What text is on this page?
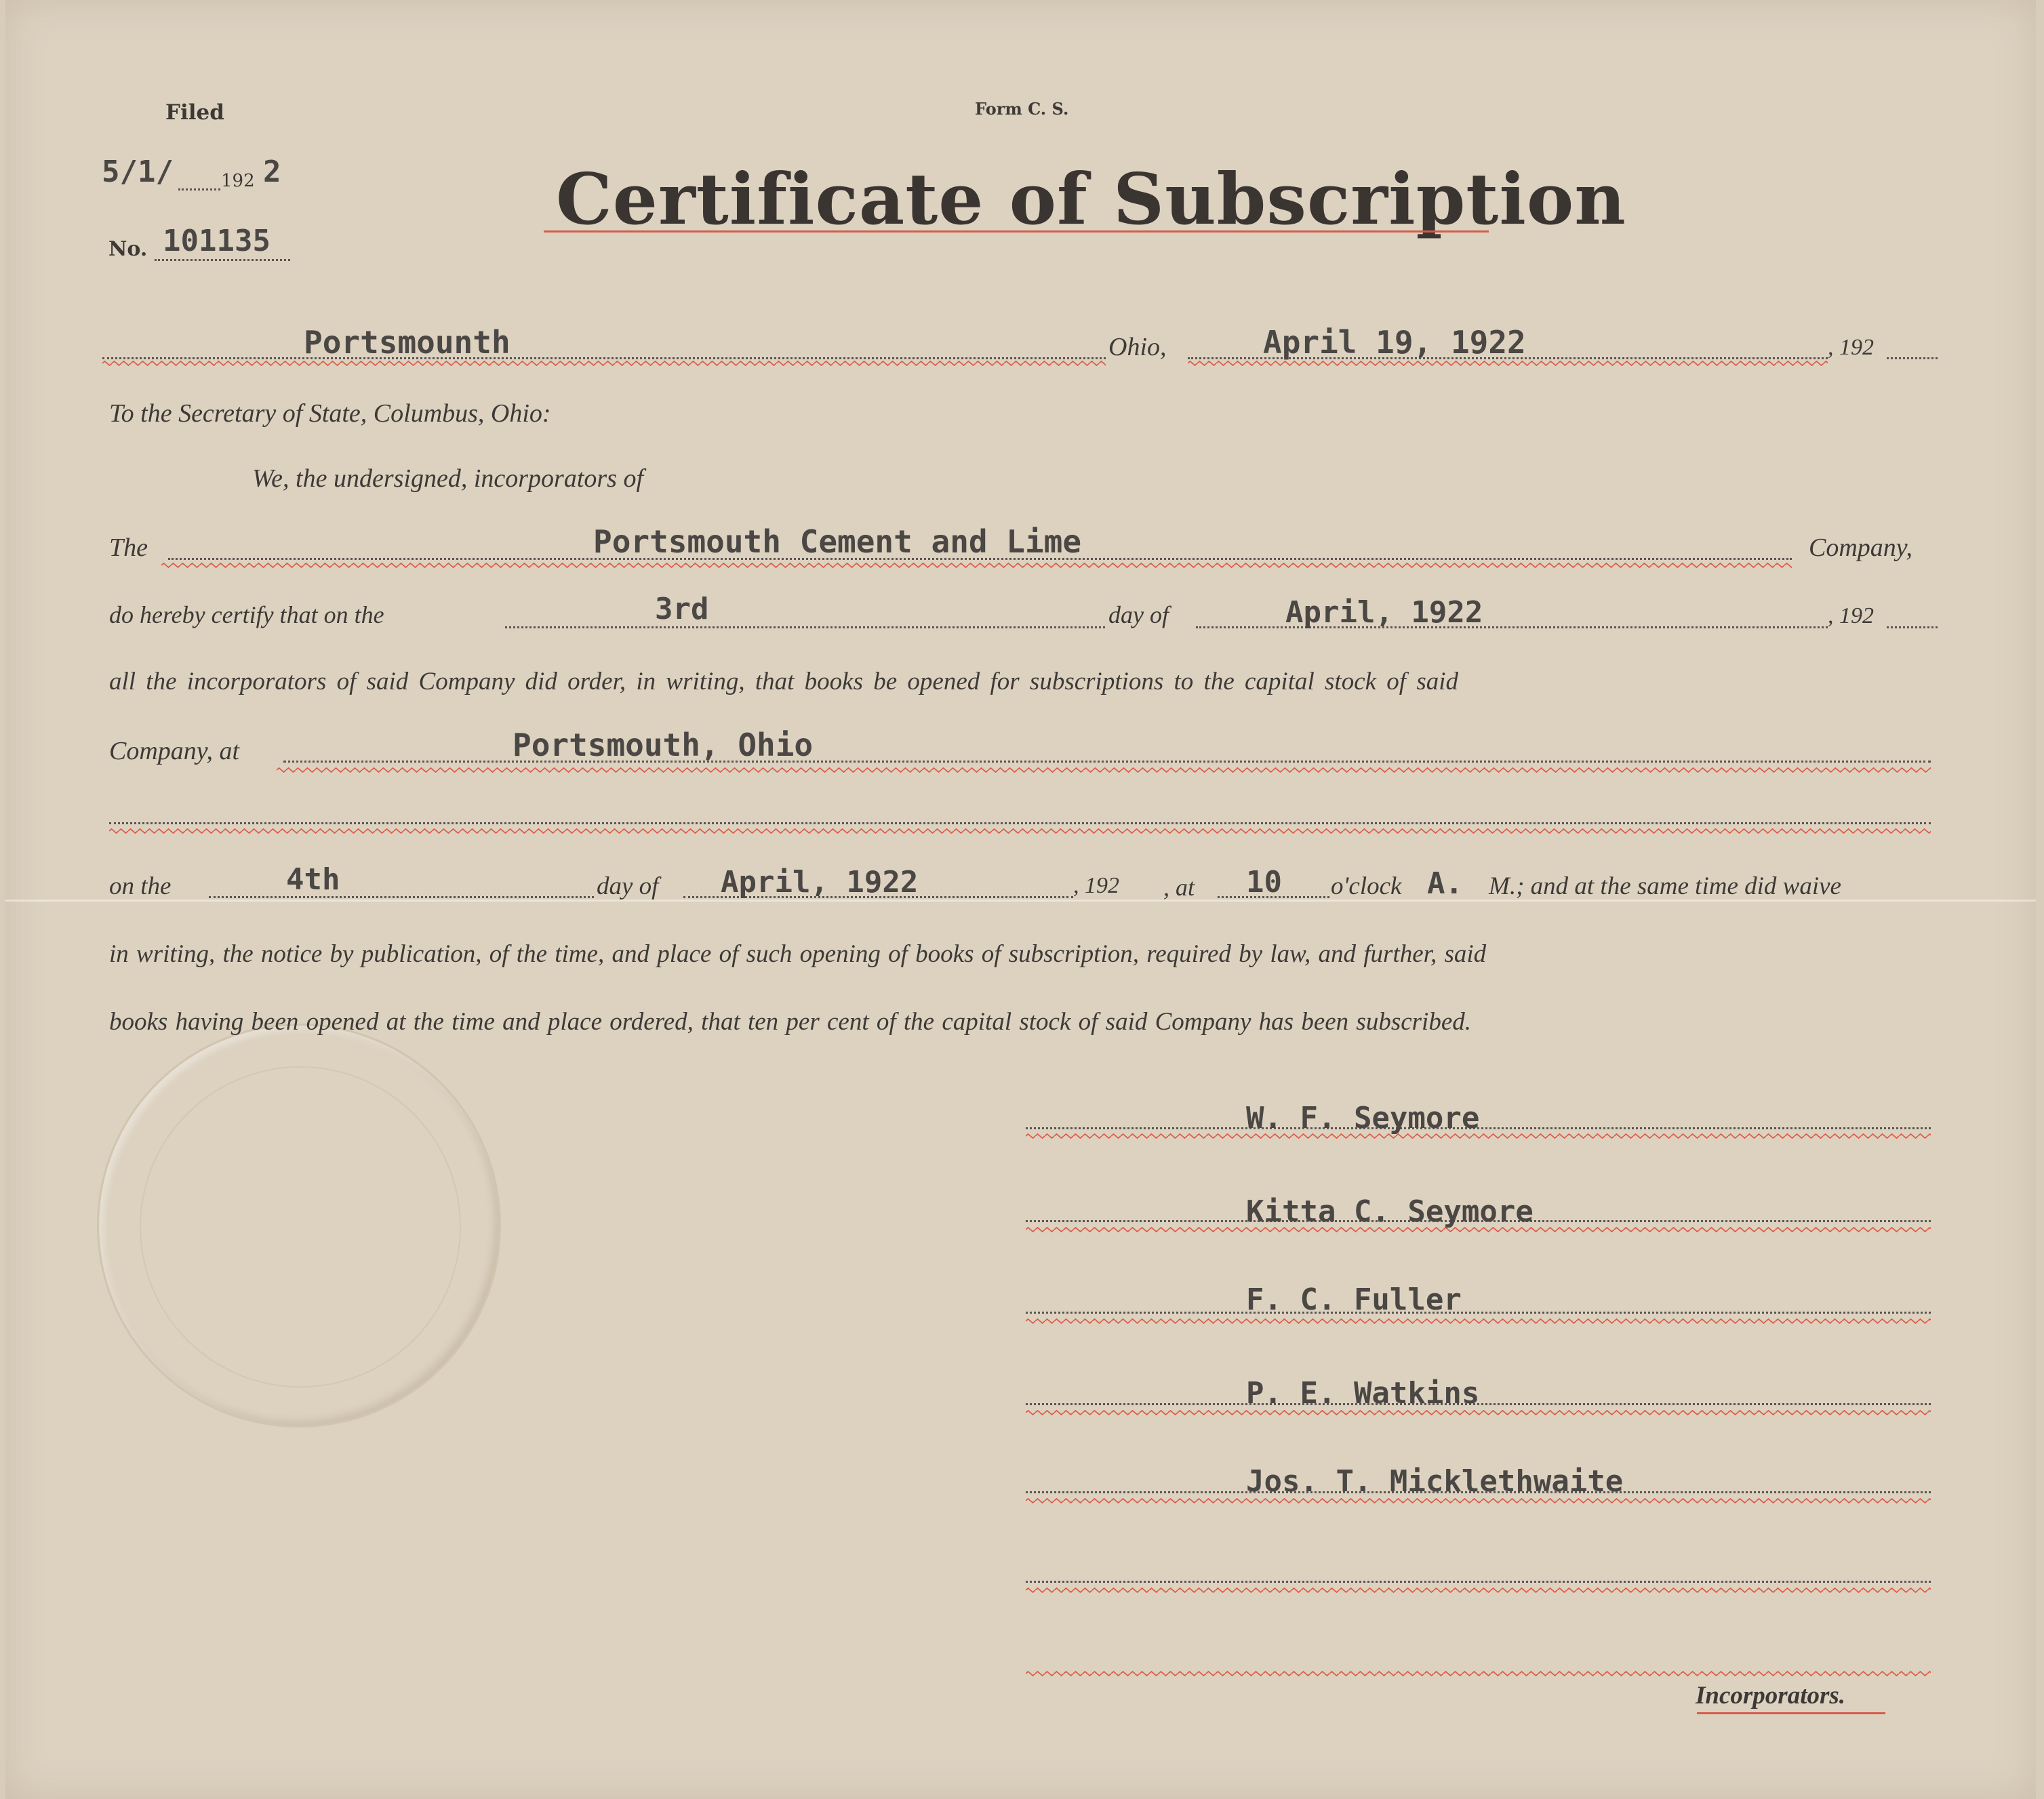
Filed
5/1/	192 2
No. 101135
Form C. S.
Certificate of Subscription
Portsmounth	Ohio,	April 19, 1922	, 192
To the Secretary of State, Columbus, Ohio:
We, the undersigned, incorporators of
The	Portsmouth Cement and Lime	Company,
do hereby certify that on the	3rd	day of	April, 1922	, 192
all the incorporators of said Company did order, in writing, that books be opened for subscriptions to the capital stock of said
Company, at	Portsmouth, Ohio
on the	4th	day of April, 1922	, 192 , at 10 o'clock A. M.; and at the same time did waive
in writing, the notice by publication, of the time, and place of such opening of books of subscription, required by law, and further, said
books having been opened at the time and place ordered, that ten per cent of the capital stock of said Company has been subscribed.
W. F. Seymore
Kitta C. Seymore
F. C. Fuller
P. E. Watkins
Jos. T. Micklethwaite
Incorporators.
